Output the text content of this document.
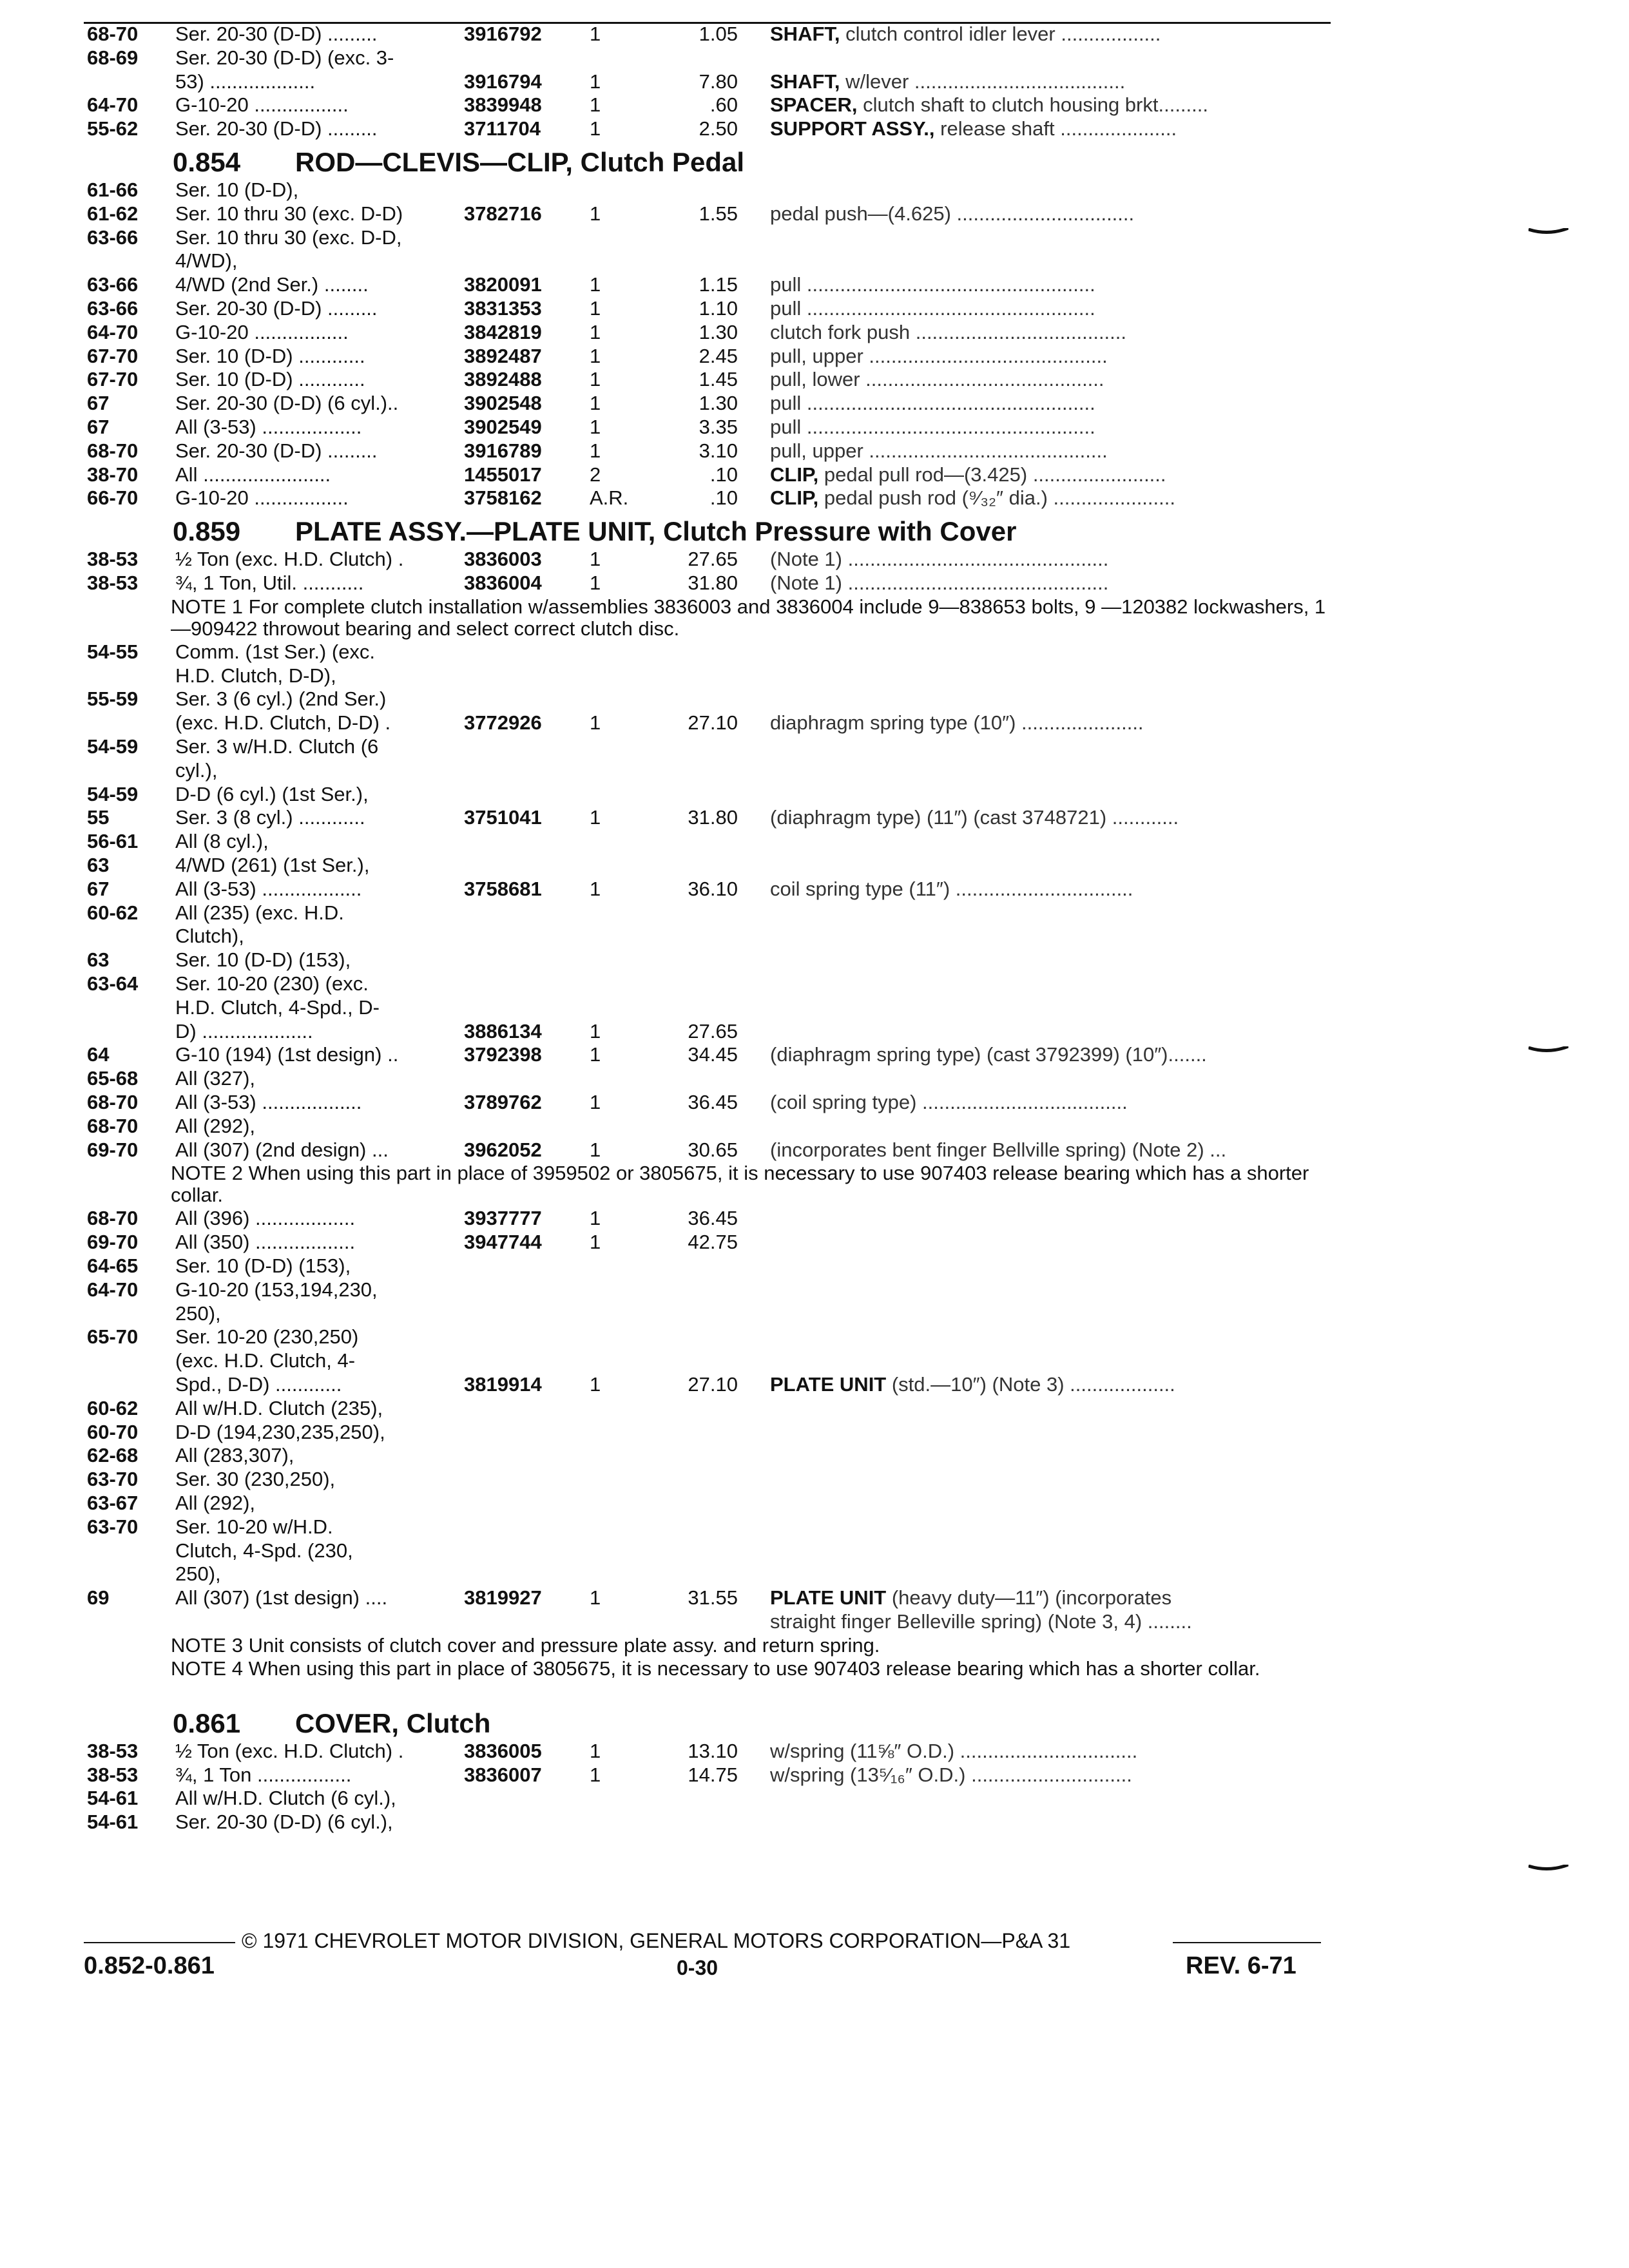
68-70 Ser. 20-30 (D-D) .........	3916792 1	1.05 SHAFT, clutch control idler lever ..................
68-69 Ser. 20-30 (D-D) (exc. 3-
53) ...................	3916794 1	7.80 SHAFT, w/lever ......................................
64-70 G-10-20 .................	3839948 1	.60 SPACER, clutch shaft to clutch housing brkt.........
55-62 Ser. 20-30 (D-D) .........	3711704 1	2.50 SUPPORT ASSY., release shaft .....................
0.854 ROD—CLEVIS—CLIP, Clutch Pedal
61-66 Ser. 10 (D-D),
61-62 Ser. 10 thru 30 (exc. D-D)	3782716 1	1.55 pedal push—(4.625) ................................
63-66 Ser. 10 thru 30 (exc. D-D,
4/WD),
63-66 4/WD (2nd Ser.) ........	3820091 1	1.15 pull ....................................................
63-66 Ser. 20-30 (D-D) .........	3831353 1	1.10 pull ....................................................
64-70 G-10-20 .................	3842819 1	1.30 clutch fork push ......................................
67-70 Ser. 10 (D-D) ............	3892487 1	2.45 pull, upper ...........................................
67-70 Ser. 10 (D-D) ............	3892488 1	1.45 pull, lower ...........................................
67	Ser. 20-30 (D-D) (6 cyl.)..	3902548 1	1.30 pull ....................................................
67	All (3-53) ..................	3902549 1	3.35 pull ....................................................
68-70 Ser. 20-30 (D-D) .........	3916789 1	3.10 pull, upper ...........................................
38-70 All .......................	1455017 2	.10 CLIP, pedal pull rod—(3.425) ........................
66-70 G-10-20 .................	3758162 A.R.	.10 CLIP, pedal push rod (⁹⁄₃₂″ dia.) ......................
0.859 PLATE ASSY.—PLATE UNIT, Clutch Pressure with Cover
38-53 ½ Ton (exc. H.D. Clutch) .	3836003 1	27.65 (Note 1) ...............................................
38-53 ¾, 1 Ton, Util. ...........	3836004 1	31.80 (Note 1) ...............................................
NOTE 1 For complete clutch installation w/assemblies 3836003 and 3836004 include 9—838653 bolts, 9 —120382 lockwashers, 1—909422 throwout bearing and select correct clutch disc.
54-55 Comm. (1st Ser.) (exc.
H.D. Clutch, D-D),
55-59 Ser. 3 (6 cyl.) (2nd Ser.)
(exc. H.D. Clutch, D-D) .	3772926 1	27.10 diaphragm spring type (10″) ......................
54-59 Ser. 3 w/H.D. Clutch (6
cyl.),
54-59 D-D (6 cyl.) (1st Ser.),
55	Ser. 3 (8 cyl.) ............	3751041 1	31.80 (diaphragm type) (11″) (cast 3748721) ............
56-61 All (8 cyl.),
63	4/WD (261) (1st Ser.),
67	All (3-53) ..................	3758681 1	36.10 coil spring type (11″) ................................
60-62 All (235) (exc. H.D.
Clutch),
63	Ser. 10 (D-D) (153),
63-64 Ser. 10-20 (230) (exc.
H.D. Clutch, 4-Spd., D-
D) ....................	3886134 1	27.65
64	G-10 (194) (1st design) ..	3792398 1	34.45 (diaphragm spring type) (cast 3792399) (10″).......
65-68 All (327),
68-70 All (3-53) ..................	3789762 1	36.45 (coil spring type) .....................................
68-70 All (292),
69-70 All (307) (2nd design) ...	3962052 1	30.65 (incorporates bent finger Bellville spring) (Note 2) ...
NOTE 2 When using this part in place of 3959502 or 3805675, it is necessary to use 907403 release bearing which has a shorter collar.
68-70 All (396) ..................	3937777 1	36.45
69-70 All (350) ..................	3947744 1	42.75
64-65 Ser. 10 (D-D) (153),
64-70 G-10-20 (153,194,230,
250),
65-70 Ser. 10-20 (230,250)
(exc. H.D. Clutch, 4-
Spd., D-D) ............	3819914 1	27.10 PLATE UNIT (std.—10″) (Note 3) ...................
60-62 All w/H.D. Clutch (235),
60-70 D-D (194,230,235,250),
62-68 All (283,307),
63-70 Ser. 30 (230,250),
63-67 All (292),
63-70 Ser. 10-20 w/H.D.
Clutch, 4-Spd. (230,
250),
69	All (307) (1st design) ....	3819927 1	31.55 PLATE UNIT (heavy duty—11″) (incorporates
straight finger Belleville spring) (Note 3, 4) ........
NOTE 3 Unit consists of clutch cover and pressure plate assy. and return spring.
NOTE 4 When using this part in place of 3805675, it is necessary to use 907403 release bearing which has a shorter collar.
0.861 COVER, Clutch
38-53 ½ Ton (exc. H.D. Clutch) .	3836005 1	13.10 w/spring (11⅝″ O.D.) ................................
38-53 ¾, 1 Ton .................	3836007 1	14.75 w/spring (13⁵⁄₁₆″ O.D.) .............................
54-61 All w/H.D. Clutch (6 cyl.),
54-61 Ser. 20-30 (D-D) (6 cyl.),
© 1971 CHEVROLET MOTOR DIVISION, GENERAL MOTORS CORPORATION—P&A 31
0.852-0.861	0-30	REV. 6-71
